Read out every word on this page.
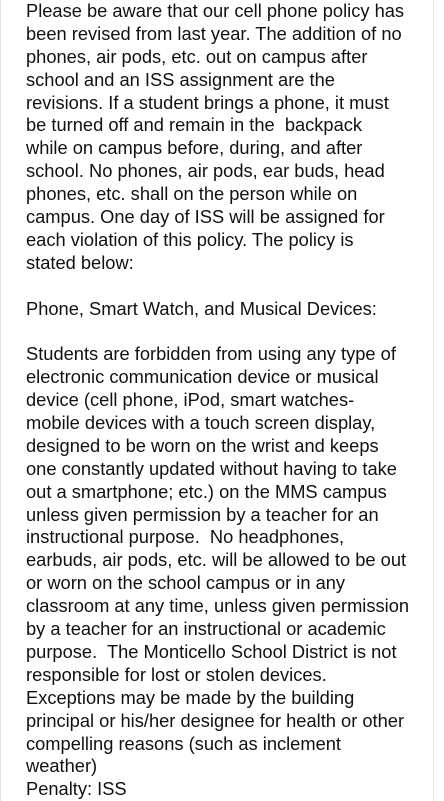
Please be aware that our cell phone policy has
been revised from last year. The addition of no
phones, air pods, etc. out on campus after
school and an ISS assignment are the
revisions. If a student brings a phone, it must
be turned off and remain in the  backpack
while on campus before, during, and after
school. No phones, air pods, ear buds, head
phones, etc. shall on the person while on
campus. One day of ISS will be assigned for
each violation of this policy. The policy is
stated below:
Phone, Smart Watch, and Musical Devices:
Students are forbidden from using any type of
electronic communication device or musical
device (cell phone, iPod, smart watches-
mobile devices with a touch screen display,
designed to be worn on the wrist and keeps
one constantly updated without having to take
out a smartphone; etc.) on the MMS campus
unless given permission by a teacher for an
instructional purpose.  No headphones,
earbuds, air pods, etc. will be allowed to be out
or worn on the school campus or in any
classroom at any time, unless given permission
by a teacher for an instructional or academic
purpose.  The Monticello School District is not
responsible for lost or stolen devices.
Exceptions may be made by the building
principal or his/her designee for health or other
compelling reasons (such as inclement
weather)
Penalty: ISS
